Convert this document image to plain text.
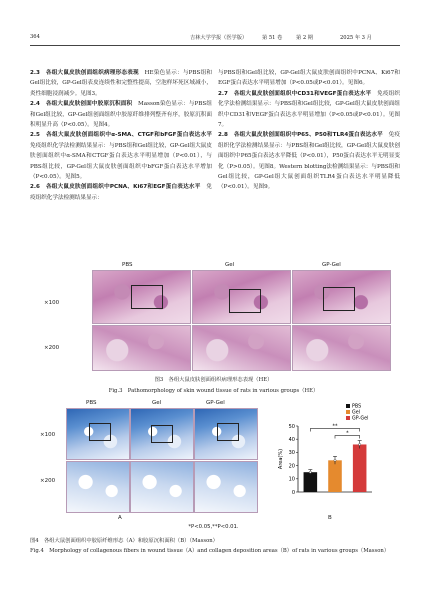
364	吉林大学学报（医学版）	第 51 卷	第 2 期	2025 年 3 月

2.3　各组大鼠皮肤创面组织病理形态表现　HE染色显示：与PBS组和Gel组比较，GP-Gel组表皮连续性和完整性提高，空泡样坏死区域减小，炎性细胞浸润减少。见图3。

2.4　各组大鼠皮肤创面中胶原沉积面积　Masson染色显示：与PBS组和Gel组比较，GP-Gel组创面组织中胶原纤维排列整齐有序，胶原沉积面积明显升高（P<0.05）。见图4。

2.5　各组大鼠皮肤创面组织中α-SMA、CTGF和bFGF蛋白表达水平　免疫组织化学法检测结果显示：与PBS组和Gel组比较，GP-Gel组大鼠皮肤创面组织中α-SMA和CTGF蛋白表达水平明显增加（P<0.01），与PBS组比较，GP-Gel组大鼠皮肤创面组织中bFGF蛋白表达水平增加（P<0.05）。见图5。

2.6　各组大鼠皮肤创面组织中PCNA、Ki67和EGF蛋白表达水平　免疫组织化学法检测结果显示：

与PBS组和Gel组比较，GP-Gel组大鼠皮肤创面组织中PCNA、Ki67和EGF蛋白表达水平明显增加（P<0.05或P<0.01）。见图6。

2.7　各组大鼠皮肤创面组织中CD31和VEGF蛋白表达水平　免疫组织化学法检测结果显示：与PBS组和Gel组比较，GP-Gel组大鼠皮肤创面组织中CD31和VEGF蛋白表达水平明显增加（P<0.05或P<0.01）。见图7。

2.8　各组大鼠皮肤创面组织中P65、P50和TLR4蛋白表达水平　免疫组织化学法检测结果显示：与PBS组和Gel组比较，GP-Gel组大鼠皮肤创面组织中P65蛋白表达水平降低（P<0.01），P50蛋白表达水平无明显变化（P>0.05）。见图8。Western blotting法检测结果显示：与PBS组和Gel组比较，GP-Gel组大鼠创面组织TLR4蛋白表达水平明显降低（P<0.01）。见图9。

PBS	Gel	GP-Gel
×100
×200
图3　各组大鼠皮肤创面组织病理形态表现（HE）
Fig.3　Pathomorphology of skin wound tissue of rats in various groups（HE）
PBS	Gel	GP-Gel
×100
×200
0
10
20
30
40
50
Area(%)
**
*
PBS
Gel
GP-Gel
A	B
*P<0.05,**P<0.01.
图4　各组大鼠创面组织中胶原纤维形态（A）和胶原沉积面积（B）（Masson）
Fig.4　Morphology of collagenous fibers in wound tissue（A）and collagen deposition areas（B）of rats in various groups（Masson）
